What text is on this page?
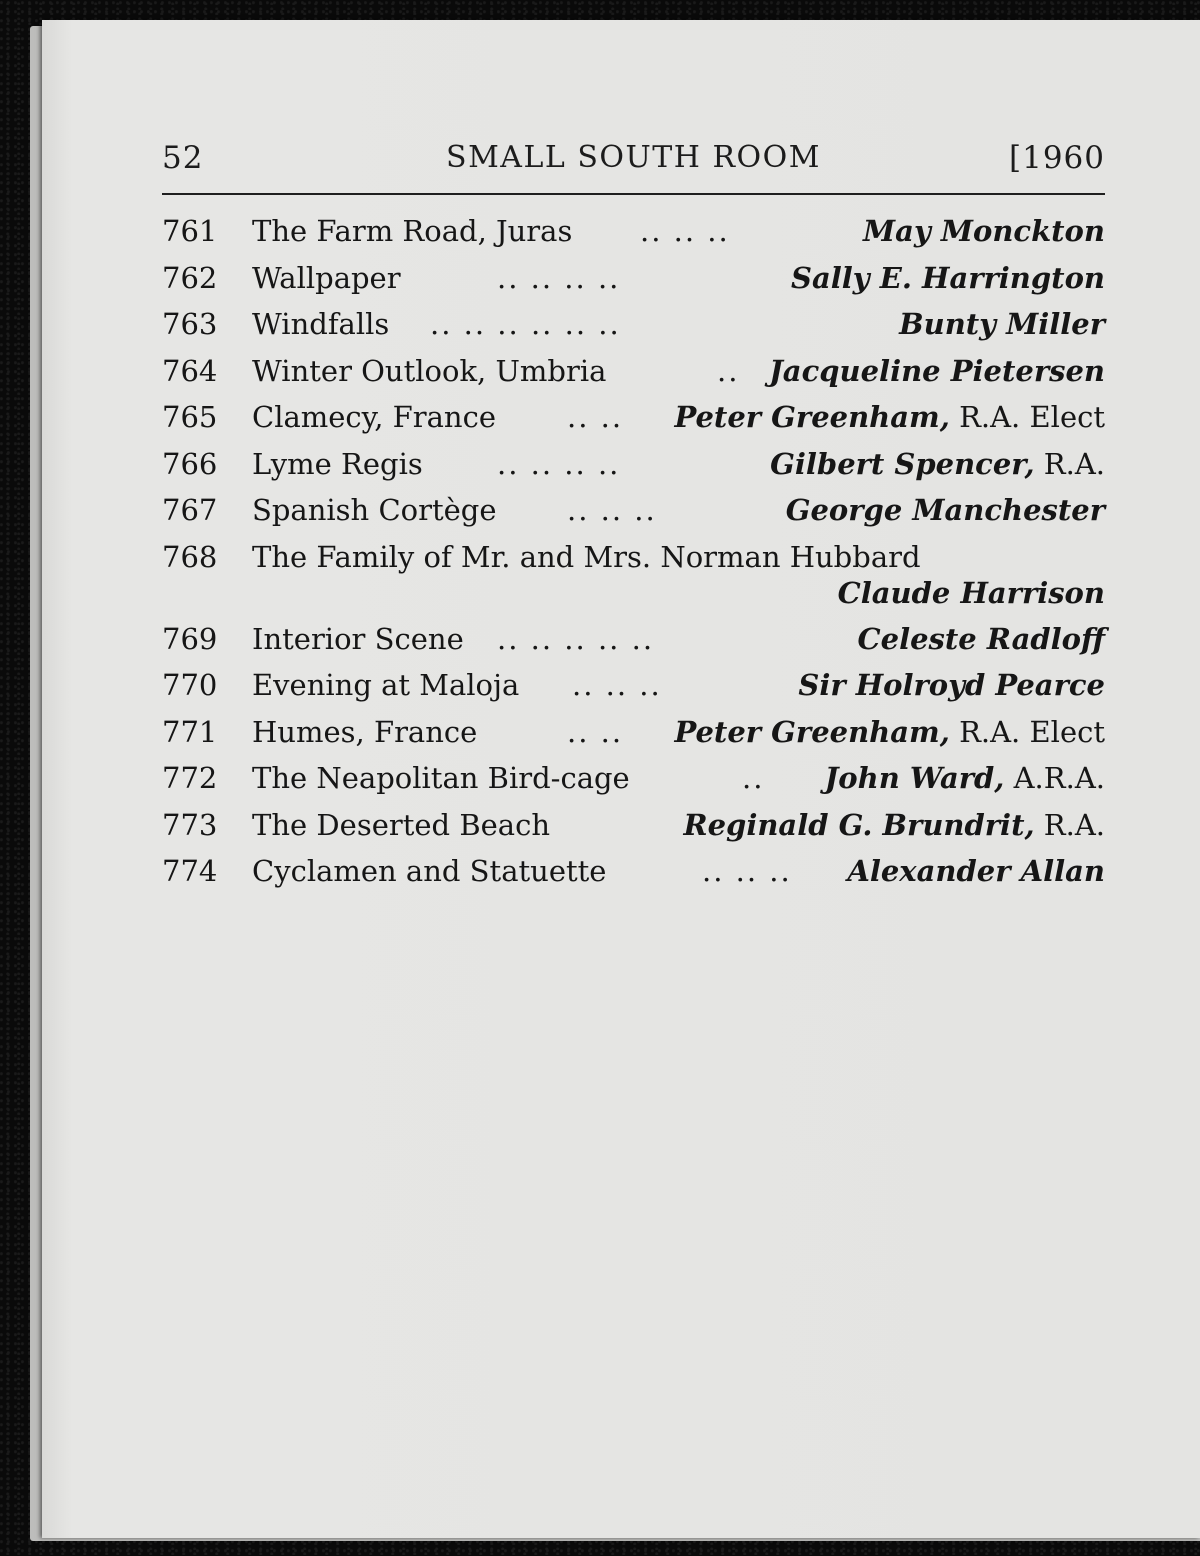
52	SMALL SOUTH ROOM	[1960
761	The Farm Road, Juras .. .. ..	May Monckton
762	Wallpaper	.. .. .. ..	Sally E. Harrington
763	Windfalls .. .. .. .. .. ..	Bunty Miller
764	Winter Outlook, Umbria	.. Jacqueline Pietersen
765	Clamecy, France .. .. Peter Greenham, R.A. Elect
766	Lyme Regis	.. .. .. ..	Gilbert Spencer, R.A.
767	Spanish Cortège .. .. ..	George Manchester
768	The Family of Mr. and Mrs. Norman Hubbard
Claude Harrison
769	Interior Scene .. .. .. .. ..	Celeste Radloff
770	Evening at Maloja .. .. ..	Sir Holroyd Pearce
771	Humes, France	.. .. Peter Greenham, R.A. Elect
772	The Neapolitan Bird-cage	.. John Ward, A.R.A.
773	The Deserted Beach	Reginald G. Brundrit, R.A.
774	Cyclamen and Statuette	.. .. .. Alexander Allan
